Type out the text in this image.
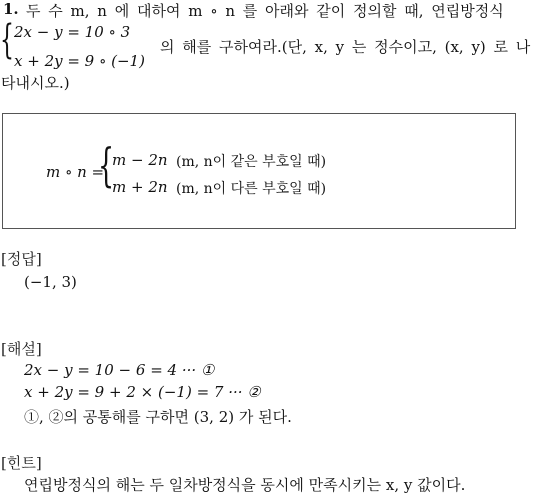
1. 두 수 m, n 에 대하여 m ∘ n 를 아래와 같이 정의할 때, 연립방정식
{ 2x − y = 10 ∘ 3
x + 2y = 9 ∘ (−1)
의 해를 구하여라.(단, x, y 는 정수이고, (x, y) 로 나
타내시오.)
m ∘ n =
{
m − 2n (m, n이 같은 부호일 때)
m + 2n (m, n이 다른 부호일 때)
[정답]
(−1, 3)
[해설]
2x − y = 10 − 6 = 4 ··· ①
x + 2y = 9 + 2 × (−1) = 7 ··· ②
①, ②의 공통해를 구하면 (3, 2) 가 된다.
[힌트]
연립방정식의 해는 두 일차방정식을 동시에 만족시키는 x, y 값이다.
